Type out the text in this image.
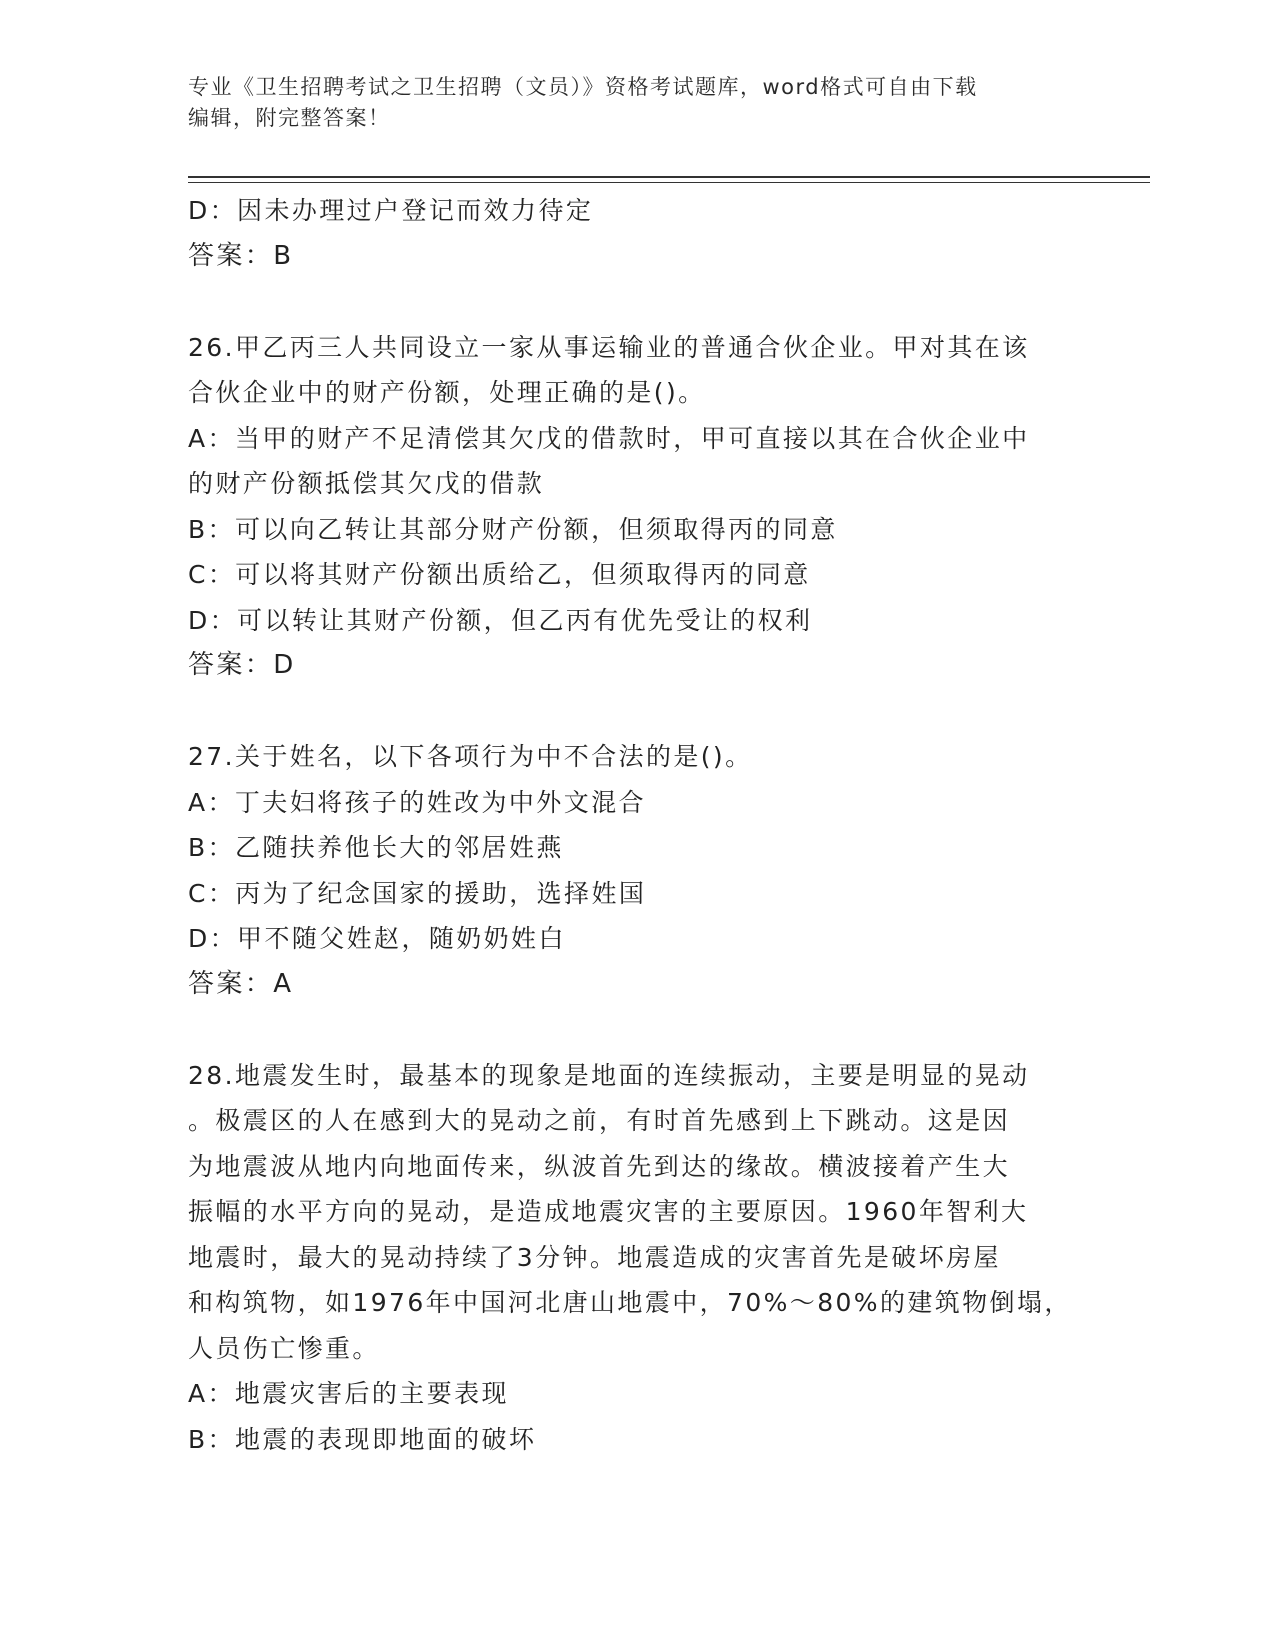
专业《卫生招聘考试之卫生招聘（文员）》资格考试题库，word格式可自由下载
编辑，附完整答案！
D：因未办理过户登记而效力待定
答案：B
26.甲乙丙三人共同设立一家从事运输业的普通合伙企业。甲对其在该
合伙企业中的财产份额，处理正确的是()。
A：当甲的财产不足清偿其欠戊的借款时，甲可直接以其在合伙企业中
的财产份额抵偿其欠戊的借款
B：可以向乙转让其部分财产份额，但须取得丙的同意
C：可以将其财产份额出质给乙，但须取得丙的同意
D：可以转让其财产份额，但乙丙有优先受让的权利
答案：D
27.关于姓名，以下各项行为中不合法的是()。
A：丁夫妇将孩子的姓改为中外文混合
B：乙随扶养他长大的邻居姓燕
C：丙为了纪念国家的援助，选择姓国
D：甲不随父姓赵，随奶奶姓白
答案：A
28.地震发生时，最基本的现象是地面的连续振动，主要是明显的晃动
。极震区的人在感到大的晃动之前，有时首先感到上下跳动。这是因
为地震波从地内向地面传来，纵波首先到达的缘故。横波接着产生大
振幅的水平方向的晃动，是造成地震灾害的主要原因。1960年智利大
地震时，最大的晃动持续了3分钟。地震造成的灾害首先是破坏房屋
和构筑物，如1976年中国河北唐山地震中，70%～80%的建筑物倒塌，
人员伤亡惨重。
A：地震灾害后的主要表现
B：地震的表现即地面的破坏
